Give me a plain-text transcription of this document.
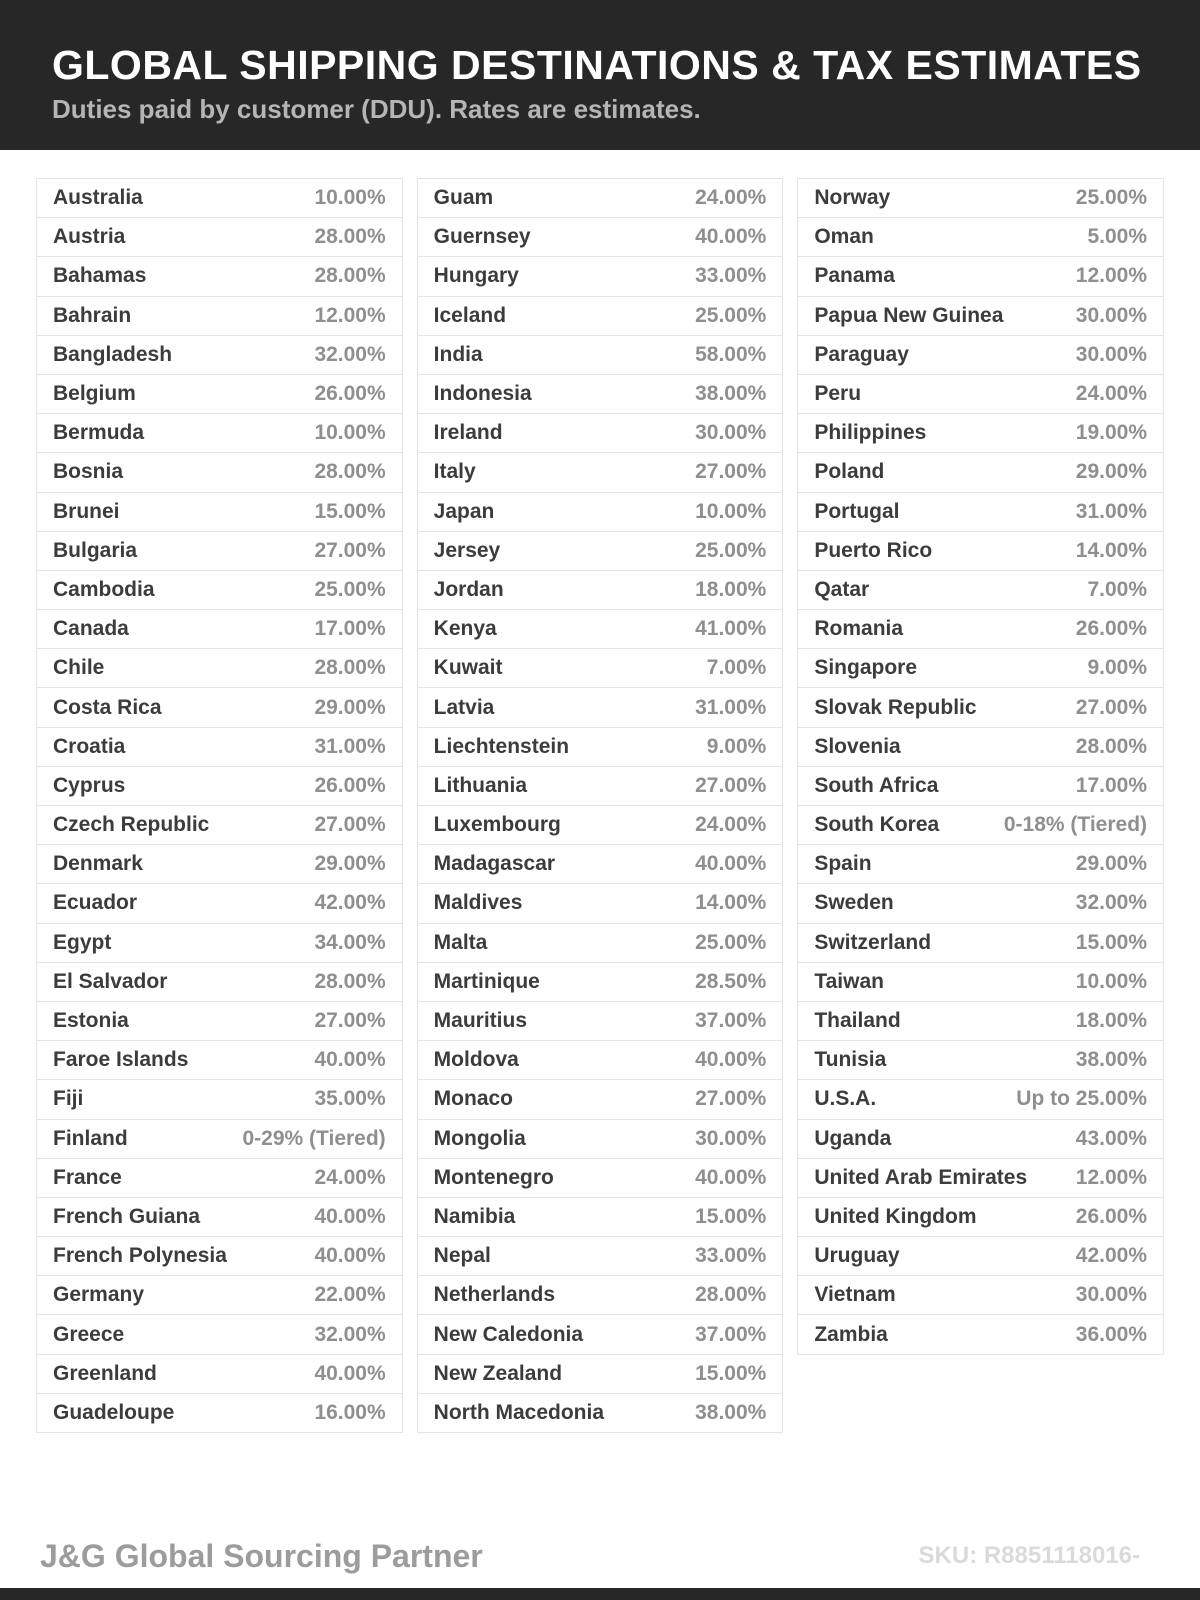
GLOBAL SHIPPING DESTINATIONS & TAX ESTIMATES
Duties paid by customer (DDU). Rates are estimates.
Australia	10.00%
Austria	28.00%
Bahamas	28.00%
Bahrain	12.00%
Bangladesh	32.00%
Belgium	26.00%
Bermuda	10.00%
Bosnia	28.00%
Brunei	15.00%
Bulgaria	27.00%
Cambodia	25.00%
Canada	17.00%
Chile	28.00%
Costa Rica	29.00%
Croatia	31.00%
Cyprus	26.00%
Czech Republic	27.00%
Denmark	29.00%
Ecuador	42.00%
Egypt	34.00%
El Salvador	28.00%
Estonia	27.00%
Faroe Islands	40.00%
Fiji	35.00%
Finland	0-29% (Tiered)
France	24.00%
French Guiana	40.00%
French Polynesia	40.00%
Germany	22.00%
Greece	32.00%
Greenland	40.00%
Guadeloupe	16.00%
Guam	24.00%
Guernsey	40.00%
Hungary	33.00%
Iceland	25.00%
India	58.00%
Indonesia	38.00%
Ireland	30.00%
Italy	27.00%
Japan	10.00%
Jersey	25.00%
Jordan	18.00%
Kenya	41.00%
Kuwait	7.00%
Latvia	31.00%
Liechtenstein	9.00%
Lithuania	27.00%
Luxembourg	24.00%
Madagascar	40.00%
Maldives	14.00%
Malta	25.00%
Martinique	28.50%
Mauritius	37.00%
Moldova	40.00%
Monaco	27.00%
Mongolia	30.00%
Montenegro	40.00%
Namibia	15.00%
Nepal	33.00%
Netherlands	28.00%
New Caledonia	37.00%
New Zealand	15.00%
North Macedonia	38.00%
Norway	25.00%
Oman	5.00%
Panama	12.00%
Papua New Guinea	30.00%
Paraguay	30.00%
Peru	24.00%
Philippines	19.00%
Poland	29.00%
Portugal	31.00%
Puerto Rico	14.00%
Qatar	7.00%
Romania	26.00%
Singapore	9.00%
Slovak Republic	27.00%
Slovenia	28.00%
South Africa	17.00%
South Korea	0-18% (Tiered)
Spain	29.00%
Sweden	32.00%
Switzerland	15.00%
Taiwan	10.00%
Thailand	18.00%
Tunisia	38.00%
U.S.A.	Up to 25.00%
Uganda	43.00%
United Arab Emirates 12.00%
United Kingdom	26.00%
Uruguay	42.00%
Vietnam	30.00%
Zambia	36.00%
J&G Global Sourcing Partner	SKU: R8851118016-
